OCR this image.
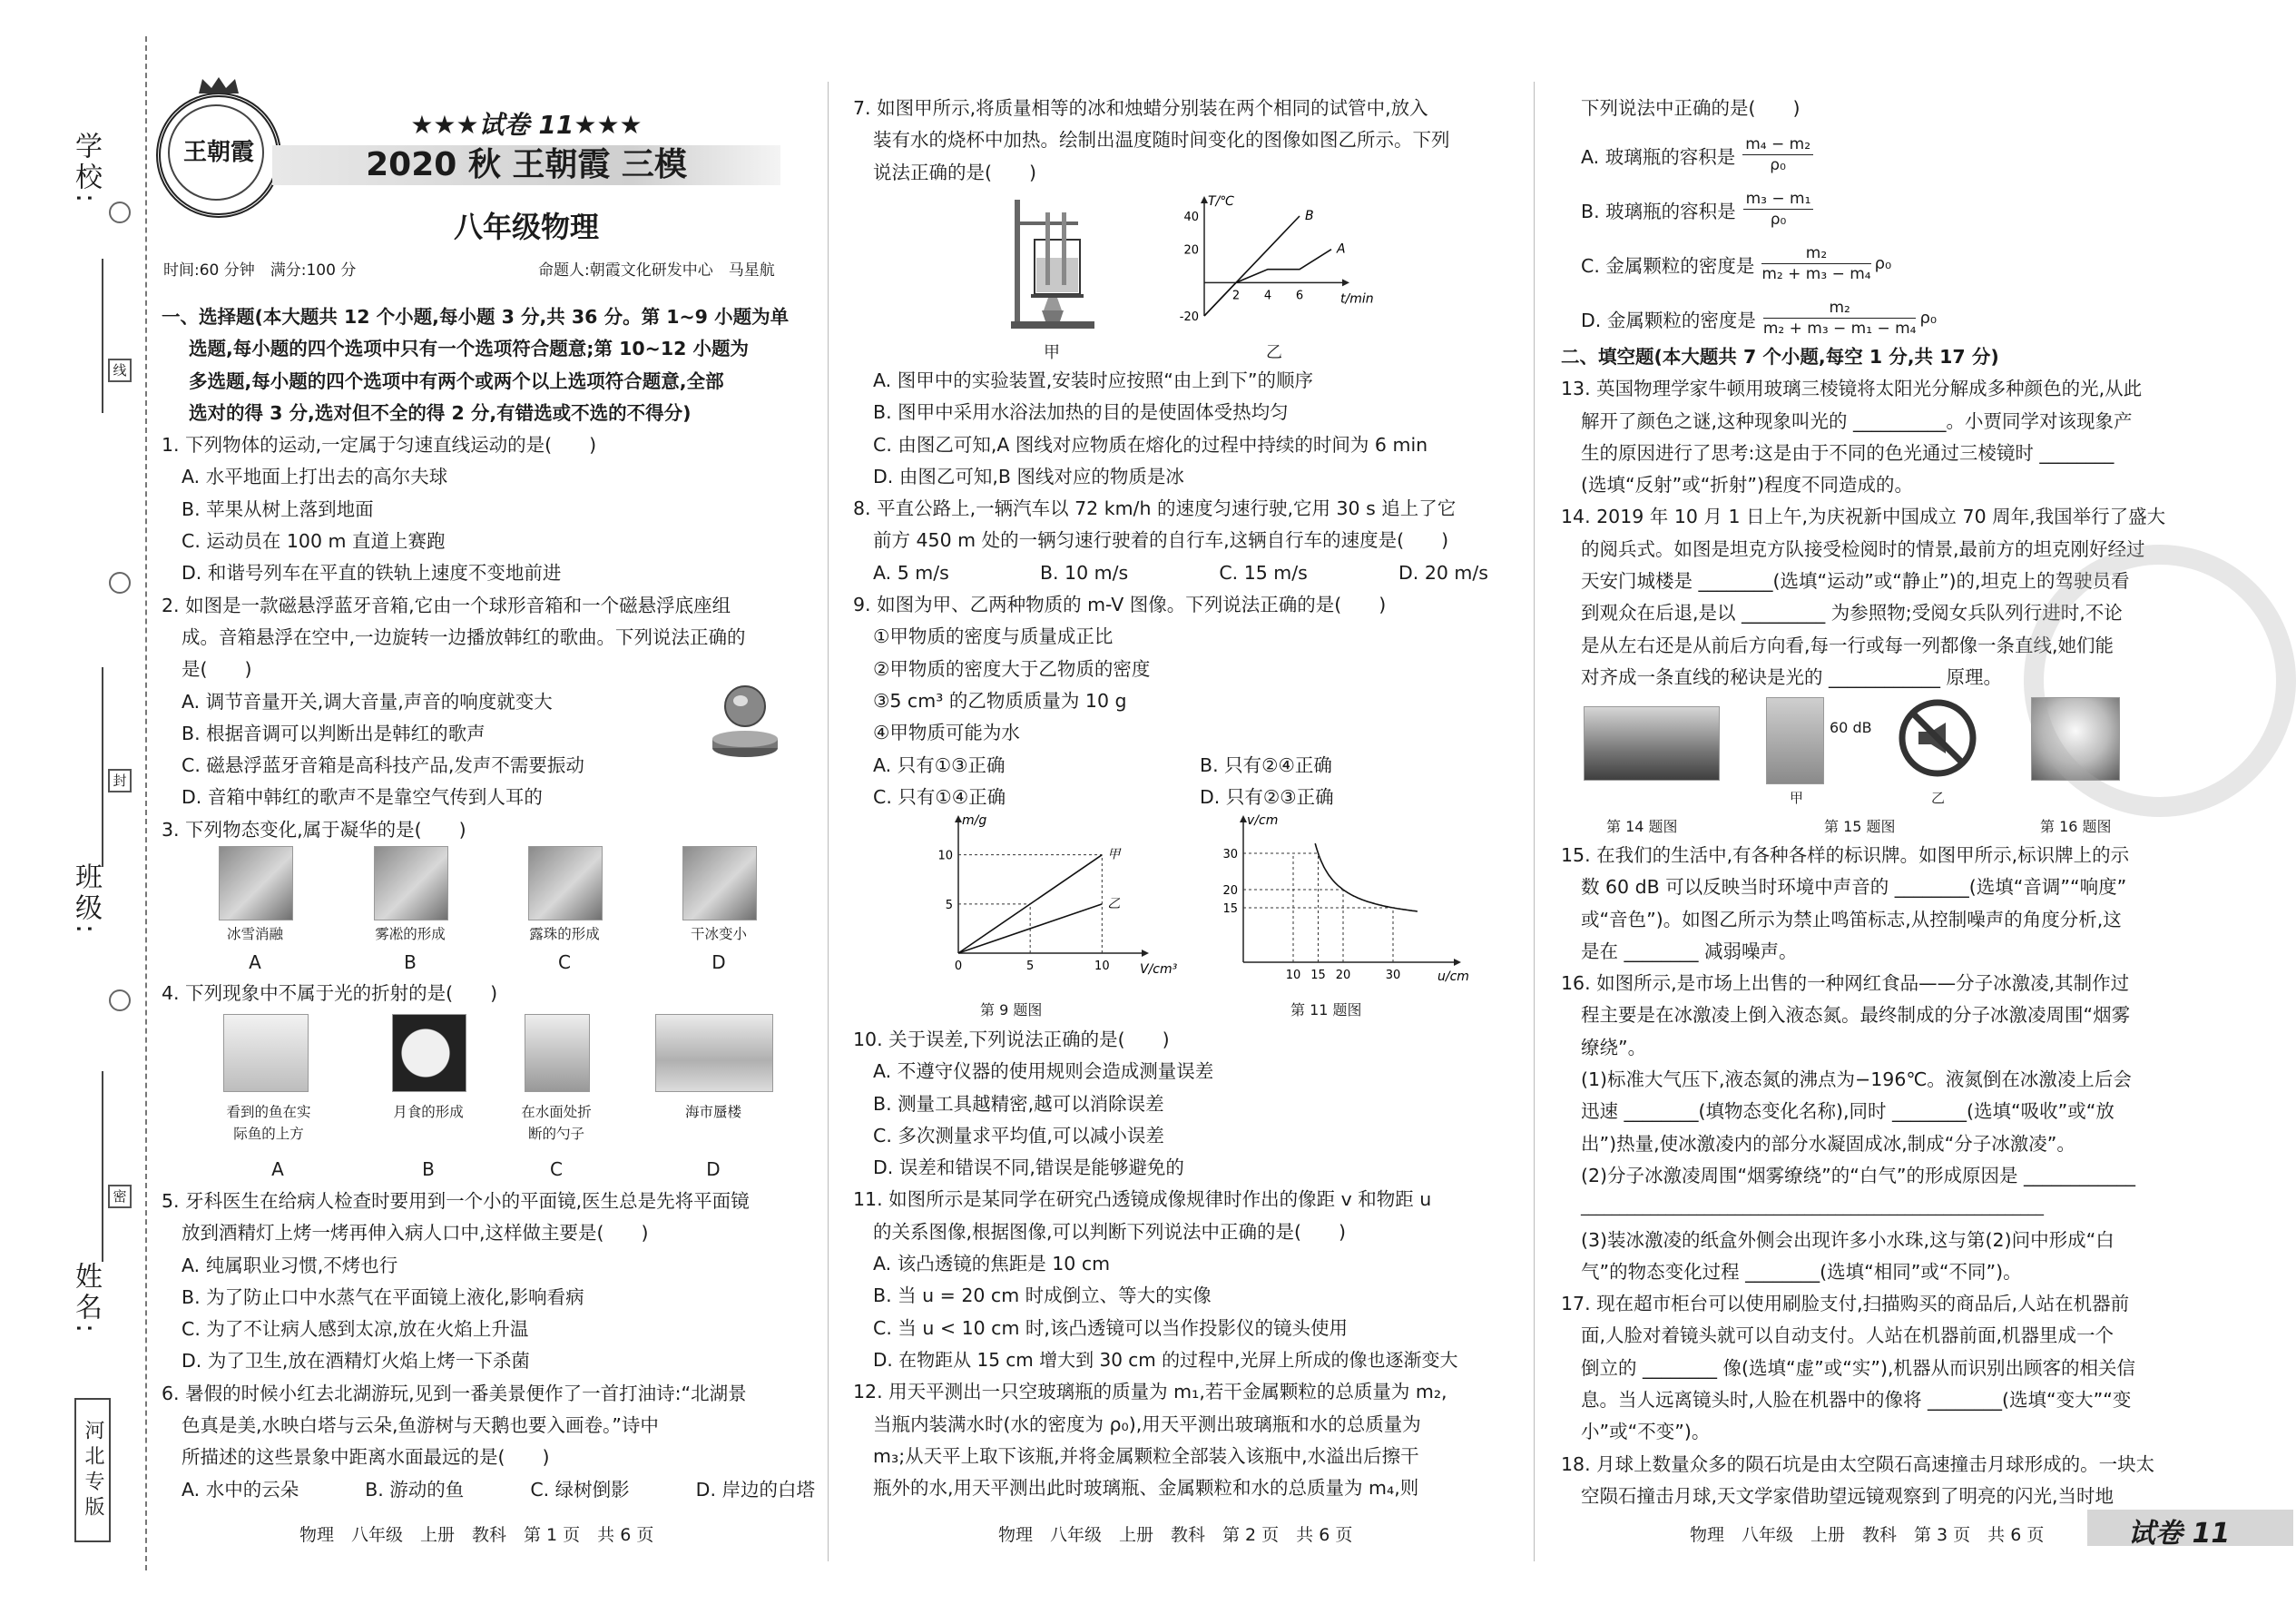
线
封
密
学校:
班级:
姓名:
河北专版
王朝霞
★★★试卷 11★★★
2020 秋 王朝霞 三模
八年级物理
时间:60 分钟　满分:100 分	命题人:朝霞文化研发中心　马星航

一、选择题(本大题共 12 个小题,每小题 3 分,共 36 分。第 1~9 小题为单

选题,每小题的四个选项中只有一个选项符合题意;第 10~12 小题为

多选题,每小题的四个选项中有两个或两个以上选项符合题意,全部

选对的得 3 分,选对但不全的得 2 分,有错选或不选的不得分)

1. 下列物体的运动,一定属于匀速直线运动的是(　　)

A. 水平地面上打出去的高尔夫球

B. 苹果从树上落到地面

C. 运动员在 100 m 直道上赛跑

D. 和谐号列车在平直的铁轨上速度不变地前进

2. 如图是一款磁悬浮蓝牙音箱,它由一个球形音箱和一个磁悬浮底座组

成。音箱悬浮在空中,一边旋转一边播放韩红的歌曲。下列说法正确的

是(　　)

A. 调节音量开关,调大音量,声音的响度就变大

B. 根据音调可以判断出是韩红的歌声

C. 磁悬浮蓝牙音箱是高科技产品,发声不需要振动

D. 音箱中韩红的歌声不是靠空气传到人耳的

3. 下列物态变化,属于凝华的是(　　)

冰雪消融	雾凇的形成	露珠的形成	干冰变小
A	B	C	D
4. 下列现象中不属于光的折射的是(　　)
看到的鱼在实
际鱼的上方
月食的形成	在水面处折
断的勺子
海市蜃楼
A	B	C	D

5. 牙科医生在给病人检查时要用到一个小的平面镜,医生总是先将平面镜

放到酒精灯上烤一烤再伸入病人口中,这样做主要是(　　)

A. 纯属职业习惯,不烤也行

B. 为了防止口中水蒸气在平面镜上液化,影响看病

C. 为了不让病人感到太凉,放在火焰上升温

D. 为了卫生,放在酒精灯火焰上烤一下杀菌

6. 暑假的时候小红去北湖游玩,见到一番美景便作了一首打油诗:“北湖景

色真是美,水映白塔与云朵,鱼游树与天鹅也要入画卷。”诗中

所描述的这些景象中距离水面最远的是(　　)

A. 水中的云朵	B. 游动的鱼	C. 绿树倒影	D. 岸边的白塔

7. 如图甲所示,将质量相等的冰和烛蜡分别装在两个相同的试管中,放入

装有水的烧杯中加热。绘制出温度随时间变化的图像如图乙所示。下列

说法正确的是(　　)

甲
t/min
T/℃
2 4 6
-20
20
40
A
B
乙

A. 图甲中的实验装置,安装时应按照“由上到下”的顺序

B. 图甲中采用水浴法加热的目的是使固体受热均匀

C. 由图乙可知,A 图线对应物质在熔化的过程中持续的时间为 6 min

D. 由图乙可知,B 图线对应的物质是冰

8. 平直公路上,一辆汽车以 72 km/h 的速度匀速行驶,它用 30 s 追上了它

前方 450 m 处的一辆匀速行驶着的自行车,这辆自行车的速度是(　　)

A. 5 m/s	B. 10 m/s	C. 15 m/s	D. 20 m/s

9. 如图为甲、乙两种物质的 m-V 图像。下列说法正确的是(　　)

①甲物质的密度与质量成正比

②甲物质的密度大于乙物质的密度

③5 cm³ 的乙物质质量为 10 g

④甲物质可能为水

A. 只有①③正确	B. 只有②④正确
C. 只有①④正确	D. 只有②③正确
V/cm³
m/g
0	5	10
5
10	甲
乙
第 9 题图
u/cm
v/cm
10 15 20	30
15
20
30
第 11 题图

10. 关于误差,下列说法正确的是(　　)

A. 不遵守仪器的使用规则会造成测量误差

B. 测量工具越精密,越可以消除误差

C. 多次测量求平均值,可以减小误差

D. 误差和错误不同,错误是能够避免的

11. 如图所示是某同学在研究凸透镜成像规律时作出的像距 v 和物距 u

的关系图像,根据图像,可以判断下列说法中正确的是(　　)

A. 该凸透镜的焦距是 10 cm

B. 当 u = 20 cm 时成倒立、等大的实像

C. 当 u < 10 cm 时,该凸透镜可以当作投影仪的镜头使用

D. 在物距从 15 cm 增大到 30 cm 的过程中,光屏上所成的像也逐渐变大

12. 用天平测出一只空玻璃瓶的质量为 m₁,若干金属颗粒的总质量为 m₂,

当瓶内装满水时(水的密度为 ρ₀),用天平测出玻璃瓶和水的总质量为

m₃;从天平上取下该瓶,并将金属颗粒全部装入该瓶中,水溢出后擦干

瓶外的水,用天平测出此时玻璃瓶、金属颗粒和水的总质量为 m₄,则

下列说法中正确的是(　　)

A. 玻璃瓶的容积是 $\frac{\text{m₄ − m₂}}{\text{ρ₀}}$
B. 玻璃瓶的容积是 $\frac{\text{m₃ − m₁}}{\text{ρ₀}}$
C. 金属颗粒的密度是 $\frac{\text{m₂}}{\text{m₂ + m₃ − m₄}} \rho_0$
D. 金属颗粒的密度是 $\frac{\text{m₂}}{\text{m₂ + m₃ − m₁ − m₄}} \rho_0$

二、填空题(本大题共 7 个小题,每空 1 分,共 17 分)

13. 英国物理学家牛顿用玻璃三棱镜将太阳光分解成多种颜色的光,从此

解开了颜色之谜,这种现象叫光的 __________。小贾同学对该现象产

生的原因进行了思考:这是由于不同的色光通过三棱镜时 ________

(选填“反射”或“折射”)程度不同造成的。

14. 2019 年 10 月 1 日上午,为庆祝新中国成立 70 周年,我国举行了盛大

的阅兵式。如图是坦克方队接受检阅时的情景,最前方的坦克刚好经过

天安门城楼是 ________(选填“运动”或“静止”)的,坦克上的驾驶员看

到观众在后退,是以 _________ 为参照物;受阅女兵队列行进时,不论

是从左右还是从前后方向看,每一行或每一列都像一条直线,她们能

对齐成一条直线的秘诀是光的 ____________ 原理。

60 dB
甲	乙
第 14 题图	第 15 题图	第 16 题图

15. 在我们的生活中,有各种各样的标识牌。如图甲所示,标识牌上的示

数 60 dB 可以反映当时环境中声音的 ________(选填“音调”“响度”

或“音色”)。如图乙所示为禁止鸣笛标志,从控制噪声的角度分析,这

是在 ________ 减弱噪声。

16. 如图所示,是市场上出售的一种网红食品——分子冰激凌,其制作过

程主要是在冰激凌上倒入液态氮。最终制成的分子冰激凌周围“烟雾

缭绕”。

(1)标准大气压下,液态氮的沸点为−196℃。液氮倒在冰激凌上后会

迅速 ________(填物态变化名称),同时 ________(选填“吸收”或“放

出”)热量,使冰激凌内的部分水凝固成冰,制成“分子冰激凌”。

(2)分子冰激凌周围“烟雾缭绕”的“白气”的形成原因是 ____________

____________________________________________________________

(3)装冰激凌的纸盒外侧会出现许多小水珠,这与第(2)问中形成“白

气”的物态变化过程 ________(选填“相同”或“不同”)。

17. 现在超市柜台可以使用刷脸支付,扫描购买的商品后,人站在机器前

面,人脸对着镜头就可以自动支付。人站在机器前面,机器里成一个

倒立的 ________ 像(选填“虚”或“实”),机器从而识别出顾客的相关信

息。当人远离镜头时,人脸在机器中的像将 ________(选填“变大”“变

小”或“不变”)。

18. 月球上数量众多的陨石坑是由太空陨石高速撞击月球形成的。一块太

空陨石撞击月球,天文学家借助望远镜观察到了明亮的闪光,当时地

物理　八年级　上册　教科　第 1 页　共 6 页	物理　八年级　上册　教科　第 2 页　共 6 页	物理　八年级　上册　教科　第 3 页　共 6 页	试卷 11
